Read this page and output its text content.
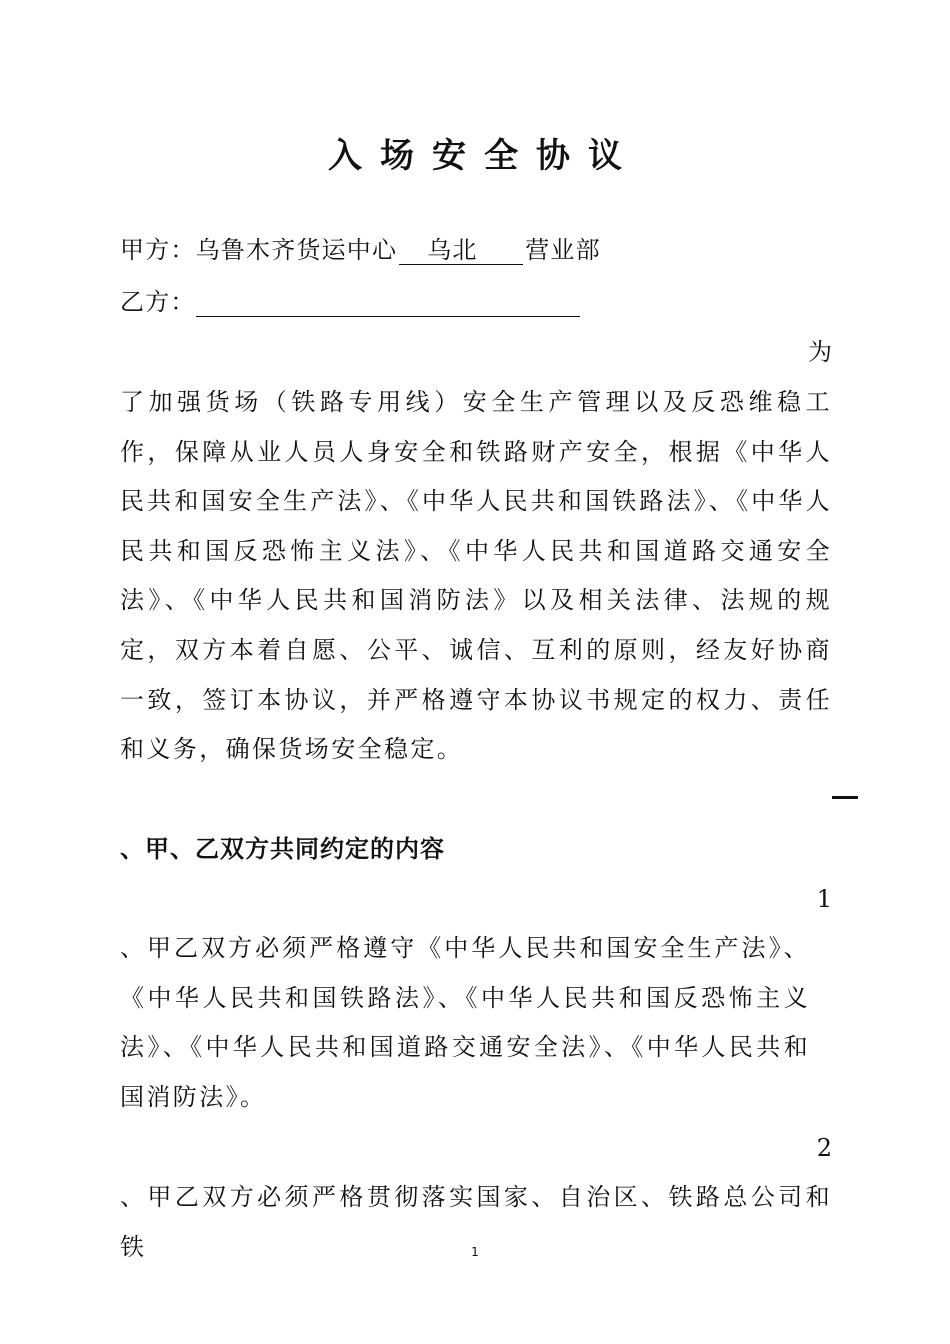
入场安全协议
甲方：乌鲁木齐货运中心 乌北 营业部
乙方：
为

了加强货场（铁路专用线）安全生产管理以及反恐维稳工作，保障从业人员人身安全和铁路财产安全，根据《中华人民共和国安全生产法》、《中华人民共和国铁路法》、《中华人民共和国反恐怖主义法》、《中华人民共和国道路交通安全法》、《中华人民共和国消防法》以及相关法律、法规的规定，双方本着自愿、公平、诚信、互利的原则，经友好协商一致，签订本协议，并严格遵守本协议书规定的权力、责任和义务，确保货场安全稳定。

、甲、乙双方共同约定的内容
1

、甲乙双方必须严格遵守《中华人民共和国安全生产法》、《中华人民共和国铁路法》、《中华人民共和国反恐怖主义法》、《中华人民共和国道路交通安全法》、《中华人民共和国消防法》。

2

、甲乙双方必须严格贯彻落实国家、自治区、铁路总公司和铁	1
